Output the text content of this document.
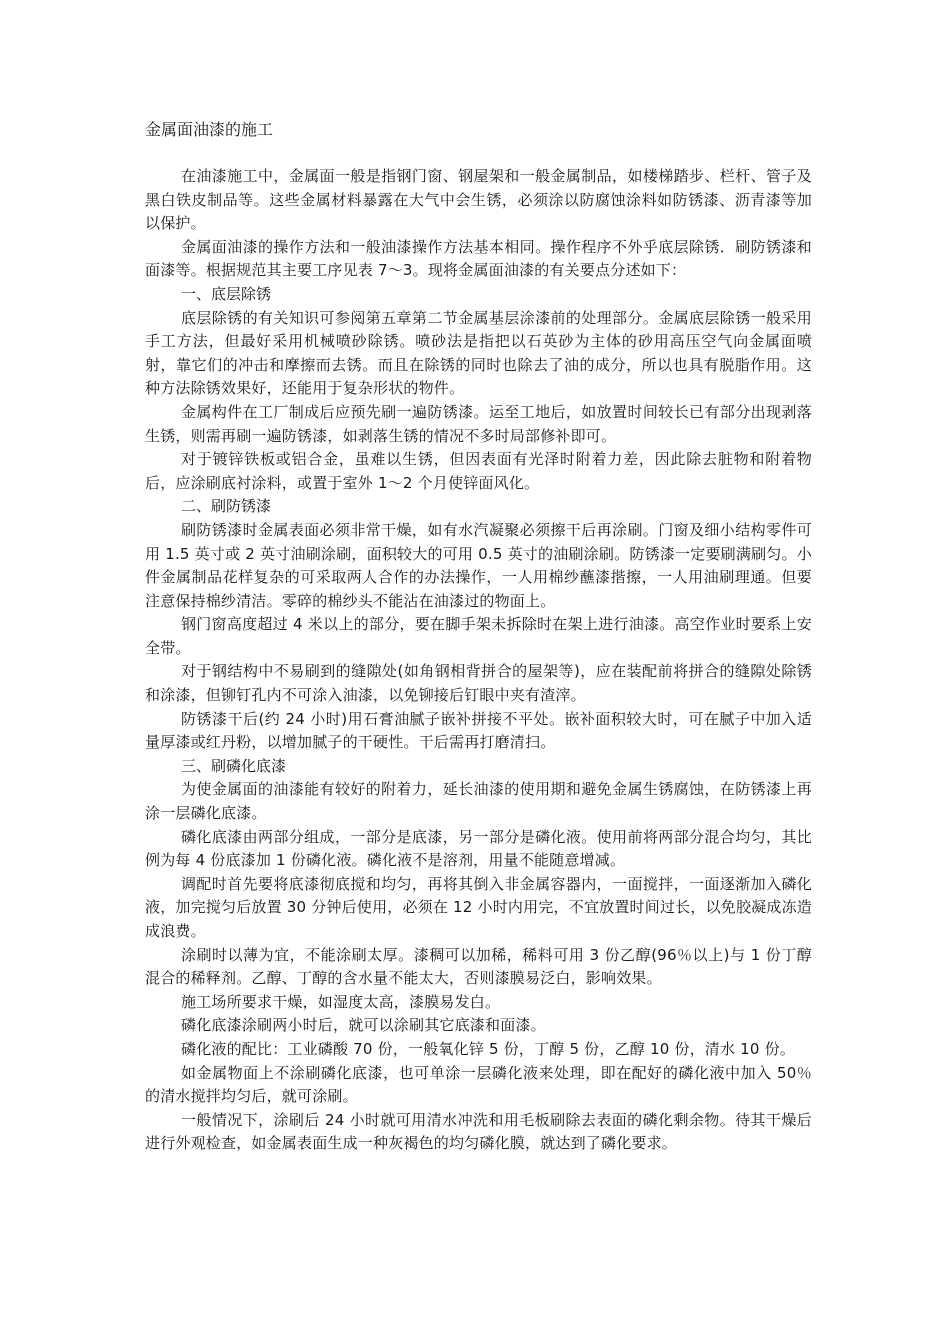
金属面油漆的施工

在油漆施工中，金属面一般是指钢门窗、钢屋架和一般金属制品，如楼梯踏步、栏杆、管子及黑白铁皮制品等。这些金属材料暴露在大气中会生锈，必须涂以防腐蚀涂料如防锈漆、沥青漆等加以保护。

金属面油漆的操作方法和一般油漆操作方法基本相同。操作程序不外乎底层除锈．刷防锈漆和面漆等。根据规范其主要工序见表 7～3。现将金属面油漆的有关要点分述如下：

一、底层除锈

底层除锈的有关知识可参阅第五章第二节金属基层涂漆前的处理部分。金属底层除锈一般采用手工方法，但最好采用机械喷砂除锈。喷砂法是指把以石英砂为主体的砂用高压空气向金属面喷射，靠它们的冲击和摩擦而去锈。而且在除锈的同时也除去了油的成分，所以也具有脱脂作用。这种方法除锈效果好，还能用于复杂形状的物件。

金属构件在工厂制成后应预先刷一遍防锈漆。运至工地后，如放置时间较长已有部分出现剥落生锈，则需再刷一遍防锈漆，如剥落生锈的情况不多时局部修补即可。

对于镀锌铁板或铝合金，虽难以生锈，但因表面有光泽时附着力差，因此除去脏物和附着物后，应涂刷底衬涂料，或置于室外 1～2 个月使锌面风化。

二、刷防锈漆

刷防锈漆时金属表面必须非常干燥，如有水汽凝聚必须擦干后再涂刷。门窗及细小结构零件可用 1.5 英寸或 2 英寸油刷涂刷，面积较大的可用 0.5 英寸的油刷涂刷。防锈漆一定要刷满刷匀。小件金属制品花样复杂的可采取两人合作的办法操作，一人用棉纱蘸漆揩擦，一人用油刷理通。但要注意保持棉纱清洁。零碎的棉纱头不能沾在油漆过的物面上。

钢门窗高度超过 4 米以上的部分，要在脚手架未拆除时在架上进行油漆。高空作业时要系上安全带。

对于钢结构中不易刷到的缝隙处(如角钢相背拼合的屋架等)，应在装配前将拼合的缝隙处除锈和涂漆，但铆钉孔内不可涂入油漆，以免铆接后钉眼中夹有渣滓。

防锈漆干后(约 24 小时)用石膏油腻子嵌补拼接不平处。嵌补面积较大时，可在腻子中加入适量厚漆或红丹粉，以增加腻子的干硬性。干后需再打磨清扫。

三、刷磷化底漆

为使金属面的油漆能有较好的附着力，延长油漆的使用期和避免金属生锈腐蚀，在防锈漆上再涂一层磷化底漆。

磷化底漆由两部分组成，一部分是底漆，另一部分是磷化液。使用前将两部分混合均匀，其比例为每 4 份底漆加 1 份磷化液。磷化液不是溶剂，用量不能随意增减。

调配时首先要将底漆彻底搅和均匀，再将其倒入非金属容器内，一面搅拌，一面逐渐加入磷化液，加完搅匀后放置 30 分钟后使用，必须在 12 小时内用完，不宜放置时间过长，以免胶凝成冻造成浪费。

涂刷时以薄为宜，不能涂刷太厚。漆稠可以加稀，稀料可用 3 份乙醇(96％以上)与 1 份丁醇混合的稀释剂。乙醇、丁醇的含水量不能太大，否则漆膜易泛白，影响效果。

施工场所要求干燥，如湿度太高，漆膜易发白。

磷化底漆涂刷两小时后，就可以涂刷其它底漆和面漆。

磷化液的配比：工业磷酸 70 份，一般氧化锌 5 份，丁醇 5 份，乙醇 10 份，清水 10 份。

如金属物面上不涂刷磷化底漆，也可单涂一层磷化液来处理，即在配好的磷化液中加入 50％的清水搅拌均匀后，就可涂刷。

一般情况下，涂刷后 24 小时就可用清水冲洗和用毛板刷除去表面的磷化剩余物。待其干燥后进行外观检查，如金属表面生成一种灰褐色的均匀磷化膜，就达到了磷化要求。
